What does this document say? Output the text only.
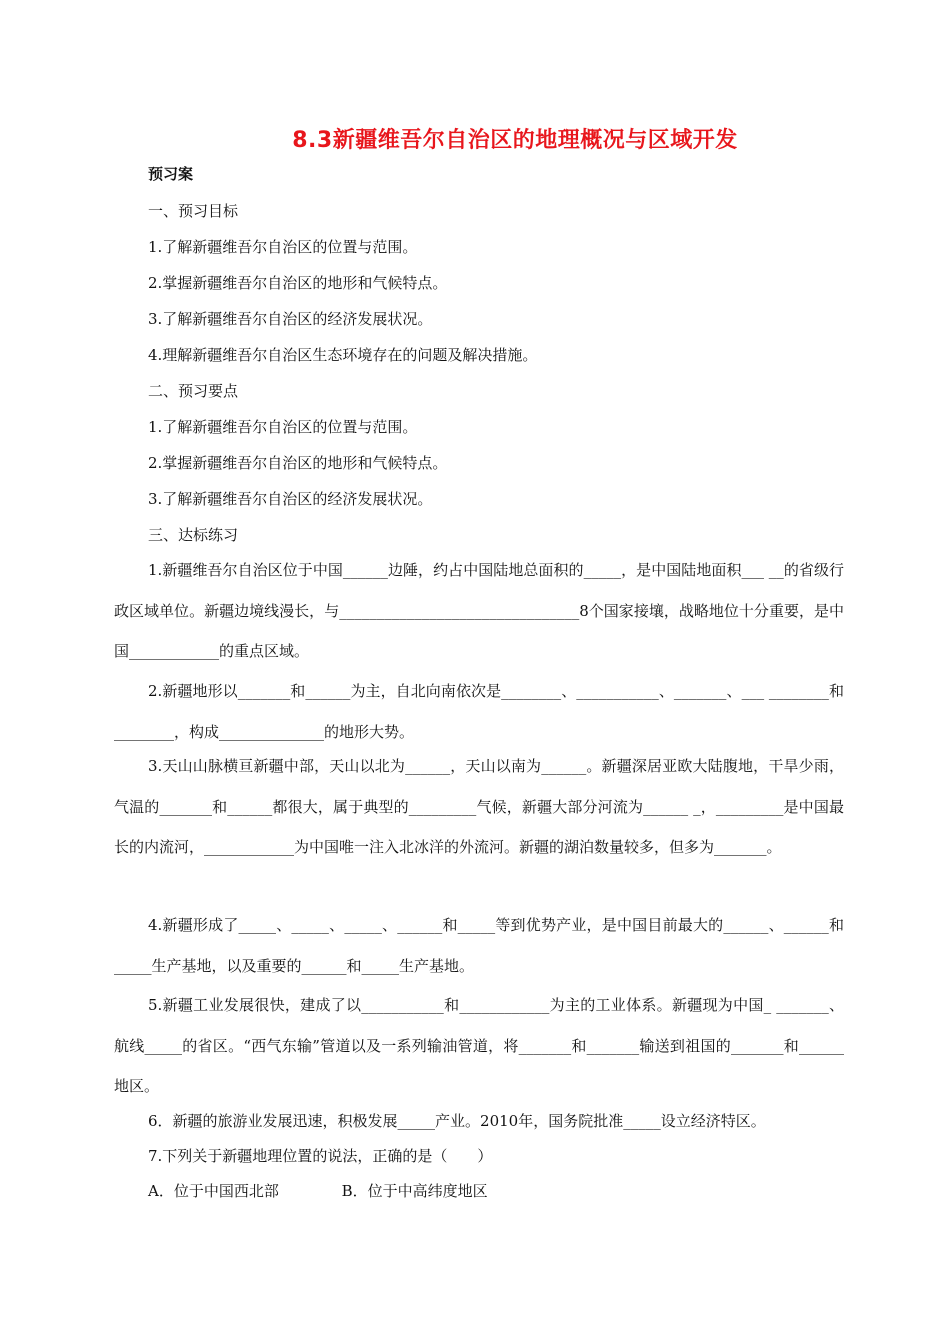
8.3新疆维吾尔自治区的地理概况与区域开发
预习案
一、预习目标
1.了解新疆维吾尔自治区的位置与范围。
2.掌握新疆维吾尔自治区的地形和气候特点。
3.了解新疆维吾尔自治区的经济发展状况。
4.理解新疆维吾尔自治区生态环境存在的问题及解决措施。
二、预习要点
1.了解新疆维吾尔自治区的位置与范围。
2.掌握新疆维吾尔自治区的地形和气候特点。
3.了解新疆维吾尔自治区的经济发展状况。
三、达标练习
1.新疆维吾尔自治区位于中国______边陲，约占中国陆地总面积的_____，是中国陆地面积___ __的省级行政区域单位。新疆边境线漫长，与________________________________8个国家接壤，战略地位十分重要，是中国____________的重点区域。
2.新疆地形以_______和______为主，自北向南依次是________、___________、_______、___ ________和________，构成______________的地形大势。
3.天山山脉横亘新疆中部，天山以北为______，天山以南为______。新疆深居亚欧大陆腹地，干旱少雨，气温的_______和______都很大，属于典型的_________气候，新疆大部分河流为______ _，_________是中国最长的内流河，____________为中国唯一注入北冰洋的外流河。新疆的湖泊数量较多，但多为_______。
4.新疆形成了_____、_____、_____、______和_____等到优势产业，是中国目前最大的______、______和_____生产基地，以及重要的______和_____生产基地。
5.新疆工业发展很快，建成了以___________和____________为主的工业体系。新疆现为中国_ _______、航线_____的省区。“西气东输”管道以及一系列输油管道，将_______和_______输送到祖国的_______和______地区。
6．新疆的旅游业发展迅速，积极发展_____产业。2010年，国务院批准_____设立经济特区。
7.下列关于新疆地理位置的说法，正确的是（　　）
A．位于中国西北部	B．位于中高纬度地区
